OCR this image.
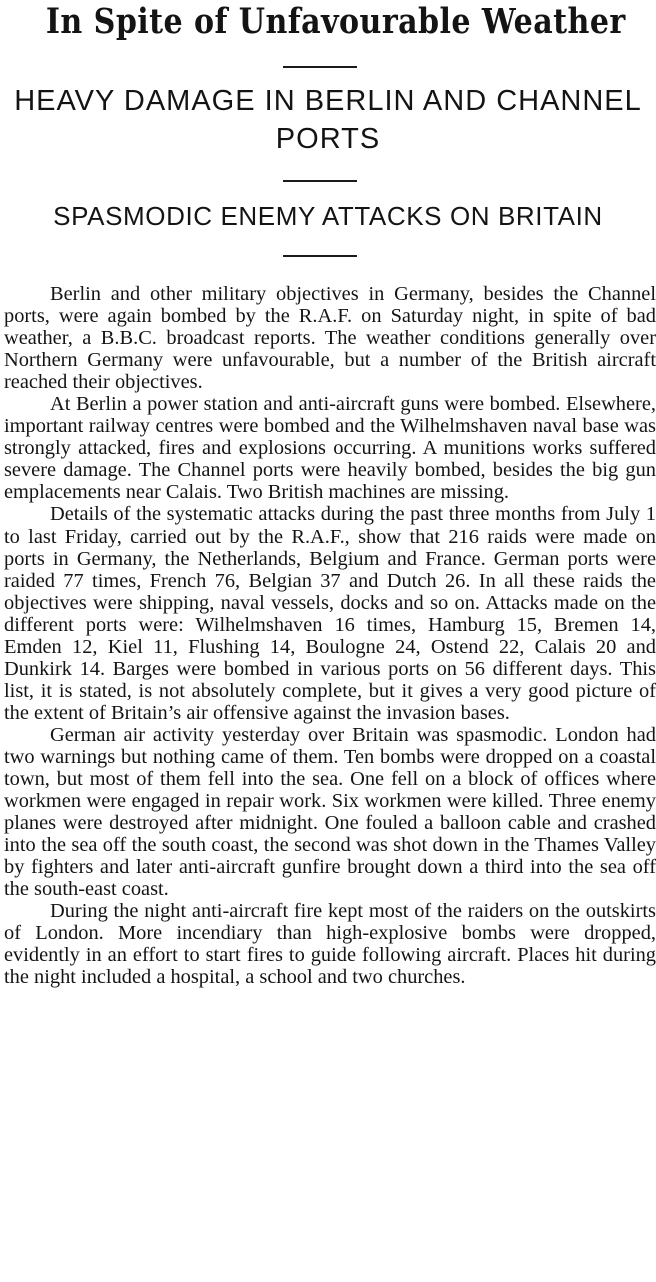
In Spite of Unfavourable Weather
HEAVY DAMAGE IN BERLIN AND CHANNEL PORTS
SPASMODIC ENEMY ATTACKS ON BRITAIN

Berlin and other military objectives in Germany, besides the Channel ports, were again bombed by the R.A.F. on Saturday night, in spite of bad weather, a B.B.C. broadcast reports. The weather conditions generally over Northern Germany were unfavourable, but a number of the British aircraft reached their objectives.

At Berlin a power station and anti-aircraft guns were bombed. Elsewhere, important railway centres were bombed and the Wilhelmshaven naval base was strongly attacked, fires and explosions occurring. A munitions works suffered severe damage. The Channel ports were heavily bombed, besides the big gun emplacements near Calais. Two British machines are missing.

Details of the systematic attacks during the past three months from July 1 to last Friday, carried out by the R.A.F., show that 216 raids were made on ports in Germany, the Netherlands, Belgium and France. German ports were raided 77 times, French 76, Belgian 37 and Dutch 26. In all these raids the objectives were shipping, naval vessels, docks and so on. Attacks made on the different ports were: Wilhelmshaven 16 times, Hamburg 15, Bremen 14, Emden 12, Kiel 11, Flushing 14, Boulogne 24, Ostend 22, Calais 20 and Dunkirk 14. Barges were bombed in various ports on 56 different days. This list, it is stated, is not absolutely complete, but it gives a very good picture of the extent of Britain’s air offensive against the invasion bases.

German air activity yesterday over Britain was spasmodic. London had two warnings but nothing came of them. Ten bombs were dropped on a coastal town, but most of them fell into the sea. One fell on a block of offices where workmen were engaged in repair work. Six workmen were killed. Three enemy planes were destroyed after midnight. One fouled a balloon cable and crashed into the sea off the south coast, the second was shot down in the Thames Valley by fighters and later anti-aircraft gunfire brought down a third into the sea off the south-east coast.

During the night anti-aircraft fire kept most of the raiders on the outskirts of London. More incendiary than high-explosive bombs were dropped, evidently in an effort to start fires to guide following aircraft. Places hit during the night included a hospital, a school and two churches.
